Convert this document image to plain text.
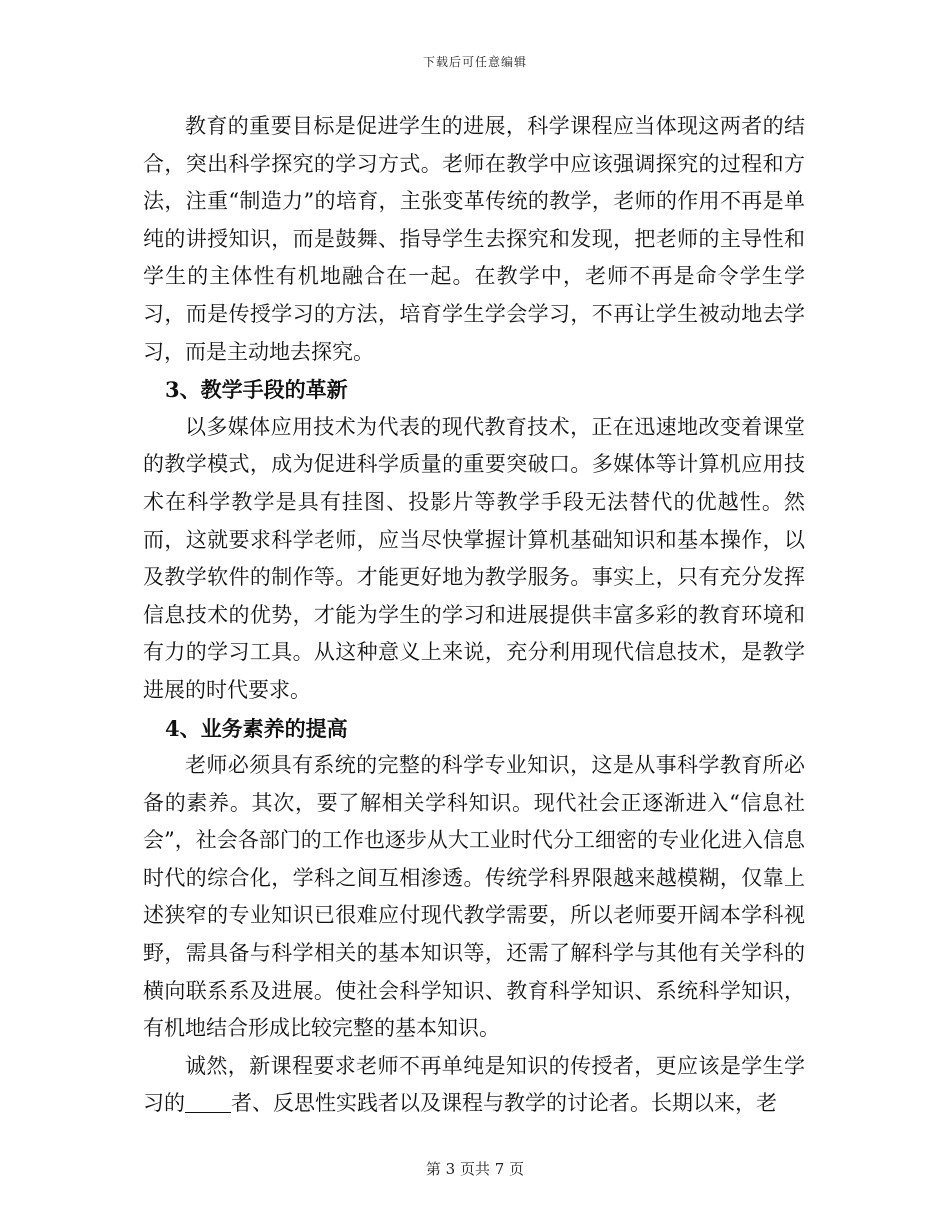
下载后可任意编辑

教育的重要目标是促进学生的进展，科学课程应当体现这两者的结合，突出科学探究的学习方式。老师在教学中应该强调探究的过程和方法，注重“制造力”的培育，主张变革传统的教学，老师的作用不再是单纯的讲授知识，而是鼓舞、指导学生去探究和发现，把老师的主导性和学生的主体性有机地融合在一起。在教学中，老师不再是命令学生学习，而是传授学习的方法，培育学生学会学习，不再让学生被动地去学习，而是主动地去探究。

3、教学手段的革新

以多媒体应用技术为代表的现代教育技术，正在迅速地改变着课堂的教学模式，成为促进科学质量的重要突破口。多媒体等计算机应用技术在科学教学是具有挂图、投影片等教学手段无法替代的优越性。然而，这就要求科学老师，应当尽快掌握计算机基础知识和基本操作，以及教学软件的制作等。才能更好地为教学服务。事实上，只有充分发挥信息技术的优势，才能为学生的学习和进展提供丰富多彩的教育环境和有力的学习工具。从这种意义上来说，充分利用现代信息技术，是教学进展的时代要求。

4、业务素养的提高

老师必须具有系统的完整的科学专业知识，这是从事科学教育所必备的素养。其次，要了解相关学科知识。现代社会正逐渐进入“信息社会”，社会各部门的工作也逐步从大工业时代分工细密的专业化进入信息时代的综合化，学科之间互相渗透。传统学科界限越来越模糊，仅靠上述狭窄的专业知识已很难应付现代教学需要，所以老师要开阔本学科视野，需具备与科学相关的基本知识等，还需了解科学与其他有关学科的横向联系系及进展。使社会科学知识、教育科学知识、系统科学知识，有机地结合形成比较完整的基本知识。

诚然，新课程要求老师不再单纯是知识的传授者，更应该是学生学习的 者、反思性实践者以及课程与教学的讨论者。长期以来，老

第 3 页共 7 页
